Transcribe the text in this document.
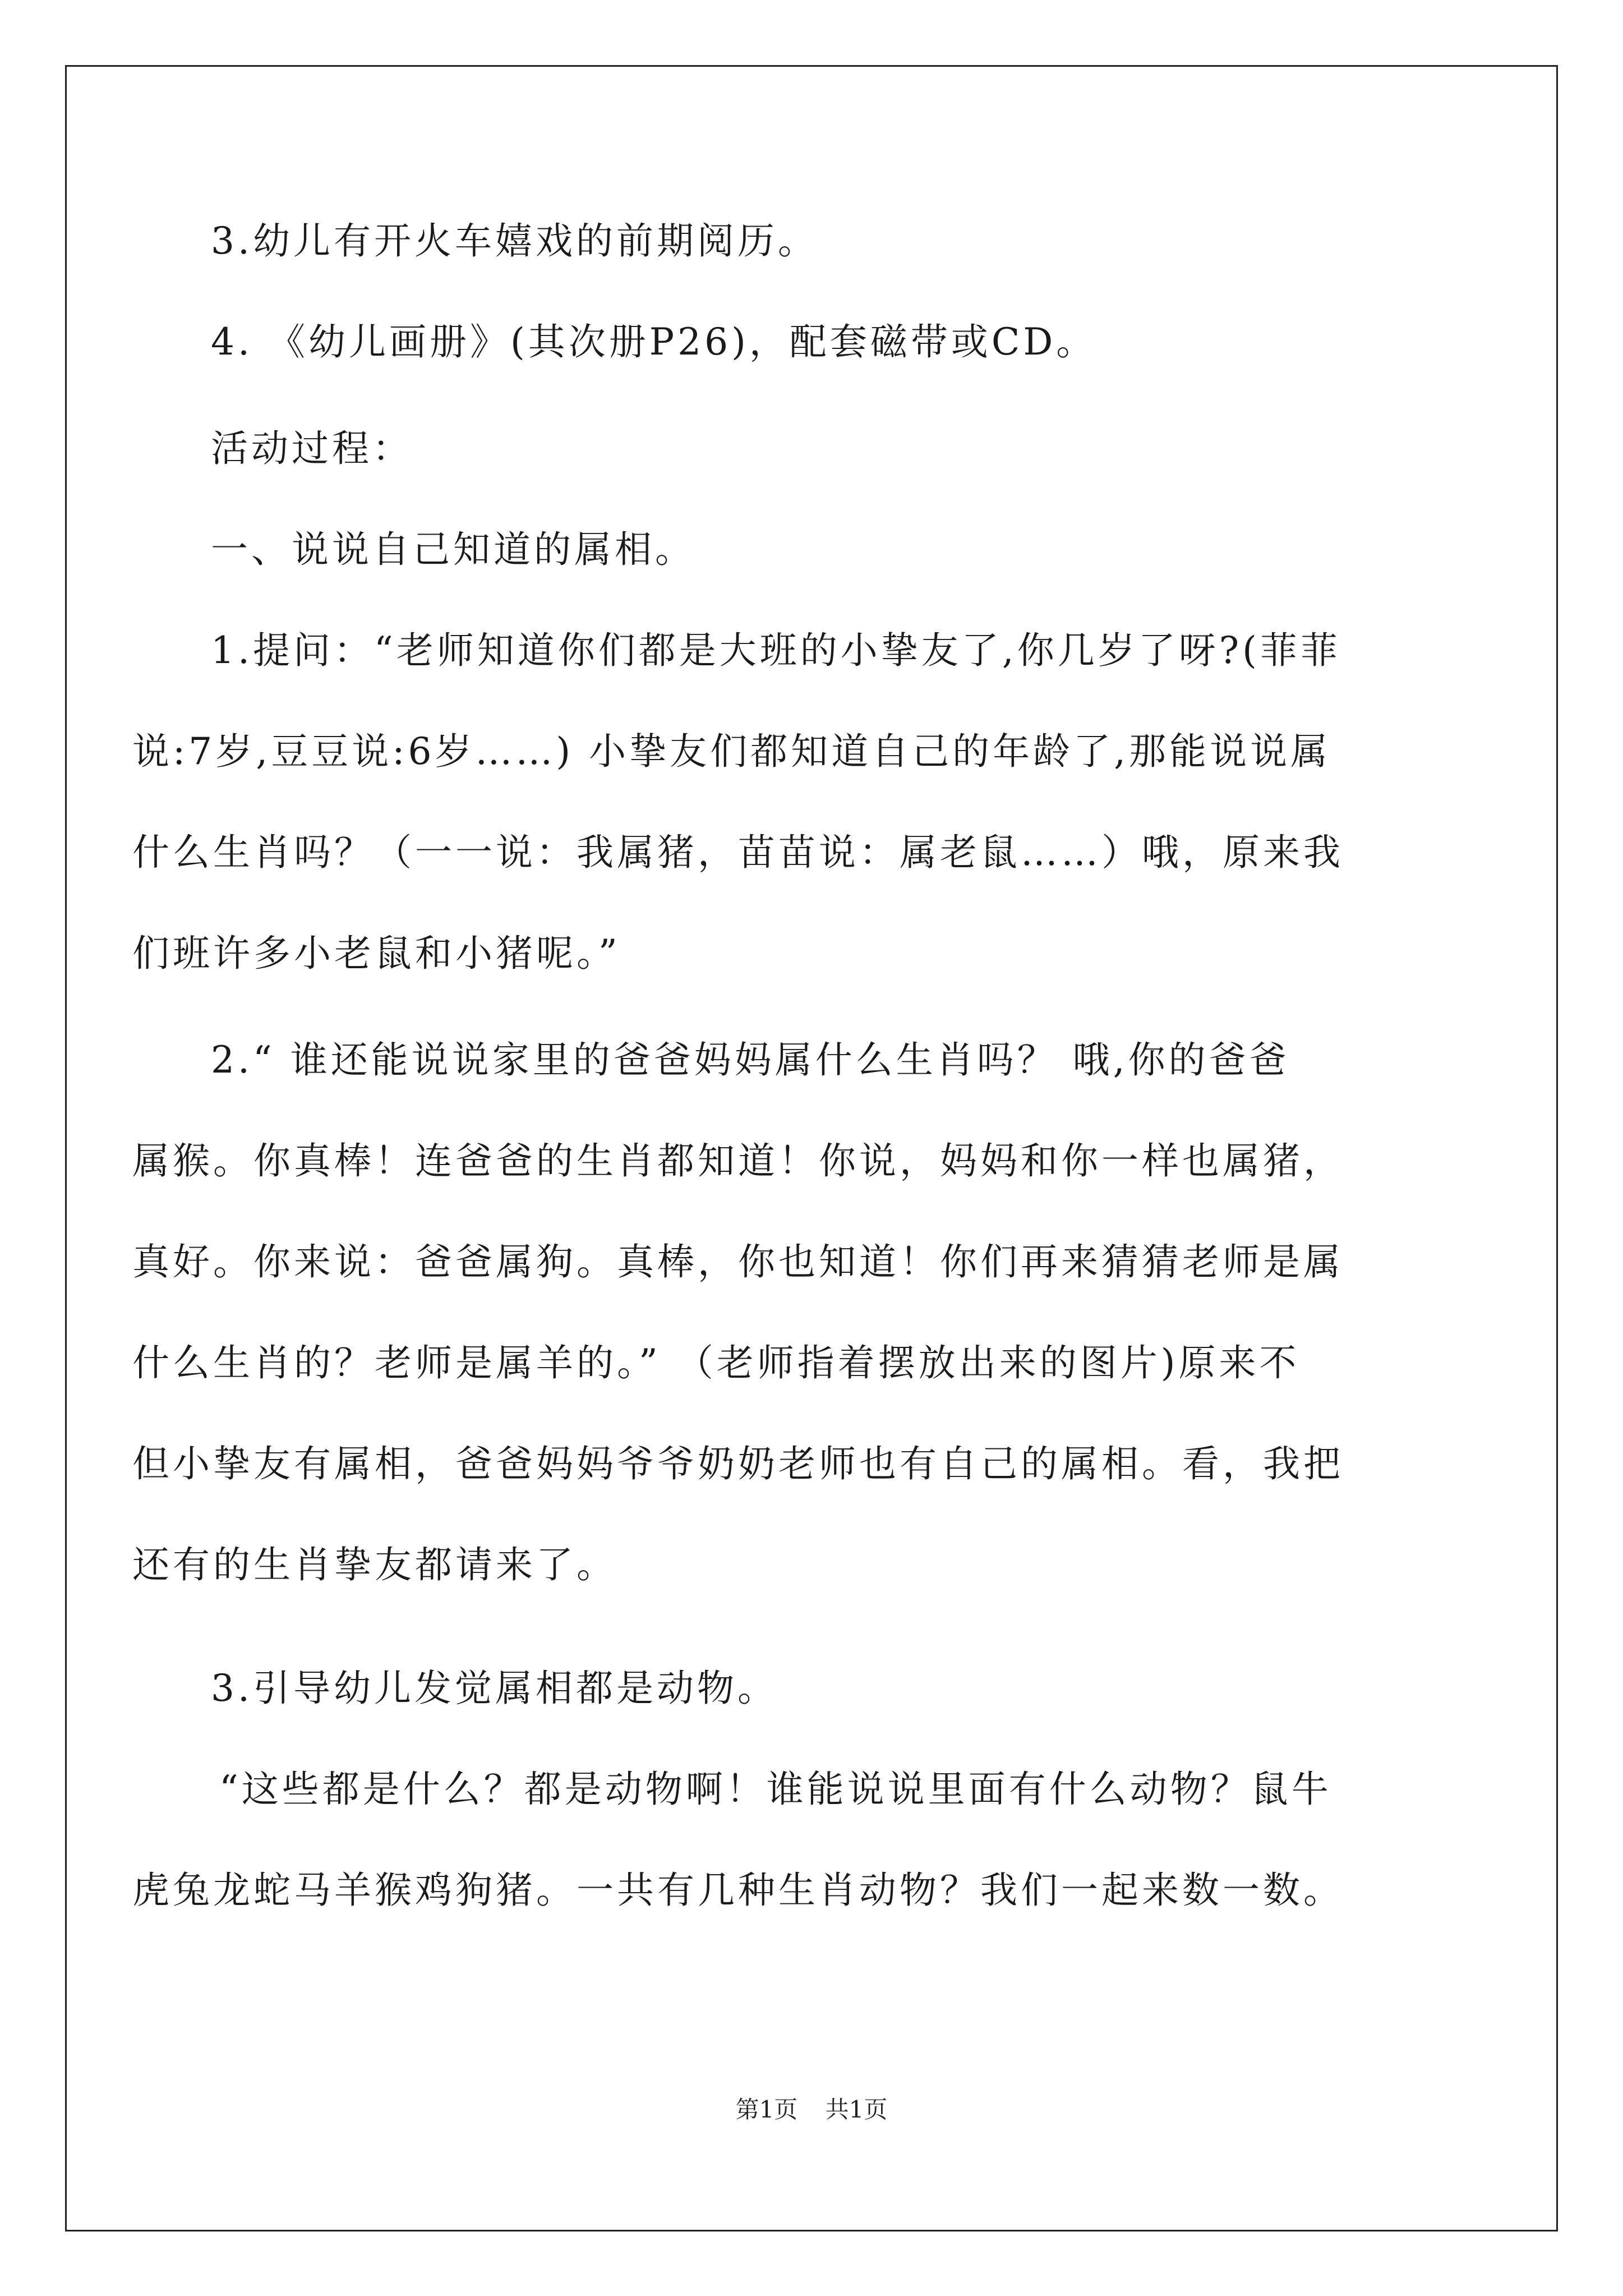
3.幼儿有开火车嬉戏的前期阅历。

4. 《幼儿画册》(其次册P26)，配套磁带或CD。

活动过程：

一、说说自己知道的属相。

1.提问：“老师知道你们都是大班的小挚友了,你几岁了呀?(菲菲
说:7岁,豆豆说:6岁……) 小挚友们都知道自己的年龄了,那能说说属
什么生肖吗？（一一说：我属猪，苗苗说：属老鼠……）哦，原来我
们班许多小老鼠和小猪呢。”
2.“ 谁还能说说家里的爸爸妈妈属什么生肖吗？ 哦,你的爸爸
属猴。你真棒！连爸爸的生肖都知道！你说，妈妈和你一样也属猪，
真好。你来说：爸爸属狗。真棒，你也知道！你们再来猜猜老师是属
什么生肖的？老师是属羊的。” （老师指着摆放出来的图片)原来不
但小挚友有属相，爸爸妈妈爷爷奶奶老师也有自己的属相。看，我把
还有的生肖挚友都请来了。

3.引导幼儿发觉属相都是动物。

“这些都是什么？都是动物啊！谁能说说里面有什么动物？鼠牛
虎兔龙蛇马羊猴鸡狗猪。一共有几种生肖动物？我们一起来数一数。
第1页 共1页
